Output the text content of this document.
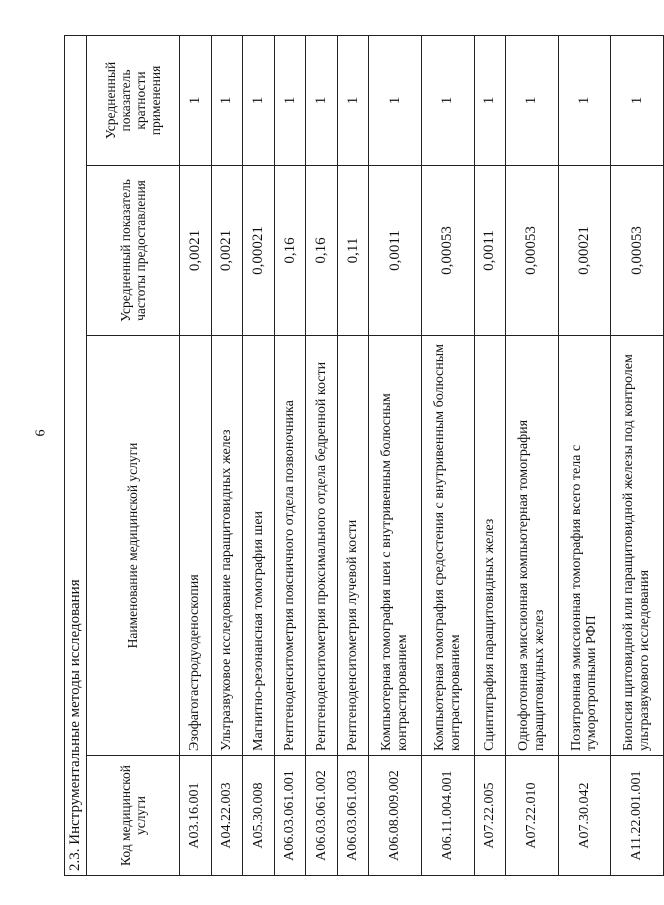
6
2.3. Инструментальные методы исследования			
Код медицинской услуги	Наименование медицинской услуги	Усредненный показатель частоты предоставления	Усредненный показатель кратности применения
A03.16.001	Эзофагогастродуоденоскопия	0,0021	1
A04.22.003	Ультразвуковое исследование паращитовидных желез	0,0021	1
A05.30.008	Магнитно-резонансная томография шеи	0,00021	1
A06.03.061.001	Рентгеноденситометрия поясничного отдела позвоночника	0,16	1
A06.03.061.002	Рентгеноденситометрия проксимального отдела бедренной кости	0,16	1
A06.03.061.003	Рентгеноденситометрия лучевой кости	0,11	1
A06.08.009.002	Компьютерная томография шеи с внутривенным болюсным контрастированием	0,0011	1
A06.11.004.001	Компьютерная томография средостения с внутривенным болюсным контрастированием	0,00053	1
A07.22.005	Сцинтиграфия паращитовидных желез	0,0011	1
A07.22.010	Однофотонная эмиссионная компьютерная томография паращитовидных желез	0,00053	1
A07.30.042	Позитронная эмиссионная томография всего тела с туморотропными РФП	0,00021	1
A11.22.001.001	Биопсия щитовидной или паращитовидной железы под контролем ультразвукового исследования	0,00053	1
